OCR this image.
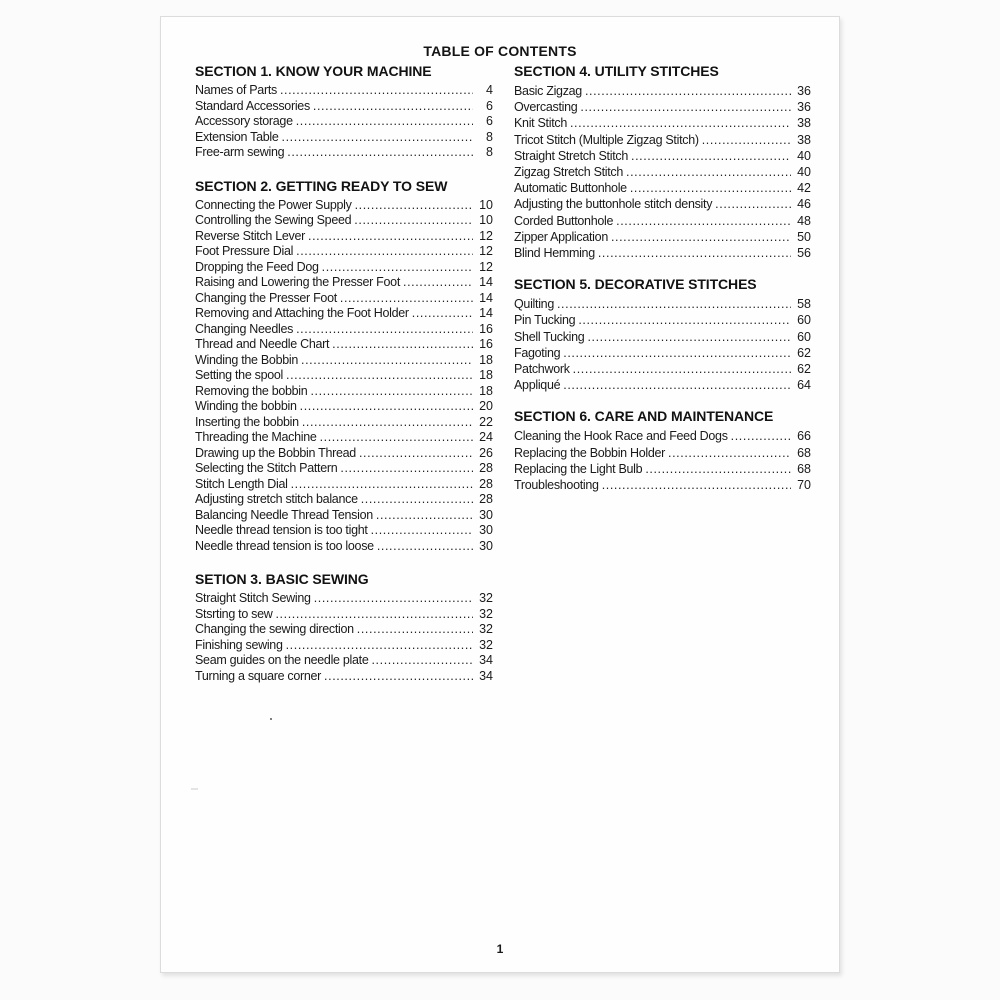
TABLE OF CONTENTS
SECTION 1. KNOW YOUR MACHINE
Names of Parts .....	4
Standard Accessories .....	6
Accessory storage .....	6
Extension Table .....	8
Free-arm sewing .....	8
SECTION 2. GETTING READY TO SEW
Connecting the Power Supply .....	10
Controlling the Sewing Speed .....	10
Reverse Stitch Lever .....	12
Foot Pressure Dial .....	12
Dropping the Feed Dog .....	12
Raising and Lowering the Presser Foot .....	14
Changing the Presser Foot .....	14
Removing and Attaching the Foot Holder .....	14
Changing Needles .....	16
Thread and Needle Chart .....	16
Winding the Bobbin .....	18
Setting the spool .....	18
Removing the bobbin .....	18
Winding the bobbin .....	20
Inserting the bobbin .....	22
Threading the Machine .....	24
Drawing up the Bobbin Thread .....	26
Selecting the Stitch Pattern .....	28
Stitch Length Dial .....	28
Adjusting stretch stitch balance .....	28
Balancing Needle Thread Tension .....	30
Needle thread tension is too tight .....	30
Needle thread tension is too loose .....	30
SETION 3. BASIC SEWING
Straight Stitch Sewing .....	32
Stsrting to sew .....	32
Changing the sewing direction .....	32
Finishing sewing .....	32
Seam guides on the needle plate .....	34
Turning a square corner .....	34
SECTION 4. UTILITY STITCHES
Basic Zigzag .....	36
Overcasting .....	36
Knit Stitch .....	38
Tricot Stitch (Multiple Zigzag Stitch) .....	38
Straight Stretch Stitch .....	40
Zigzag Stretch Stitch .....	40
Automatic Buttonhole .....	42
Adjusting the buttonhole stitch density .....	46
Corded Buttonhole .....	48
Zipper Application .....	50
Blind Hemming .....	56
SECTION 5. DECORATIVE STITCHES
Quilting .....	58
Pin Tucking .....	60
Shell Tucking .....	60
Fagoting .....	62
Patchwork .....	62
Appliqué .....	64
SECTION 6. CARE AND MAINTENANCE
Cleaning the Hook Race and Feed Dogs .....	66
Replacing the Bobbin Holder .....	68
Replacing the Light Bulb .....	68
Troubleshooting .....	70
1
